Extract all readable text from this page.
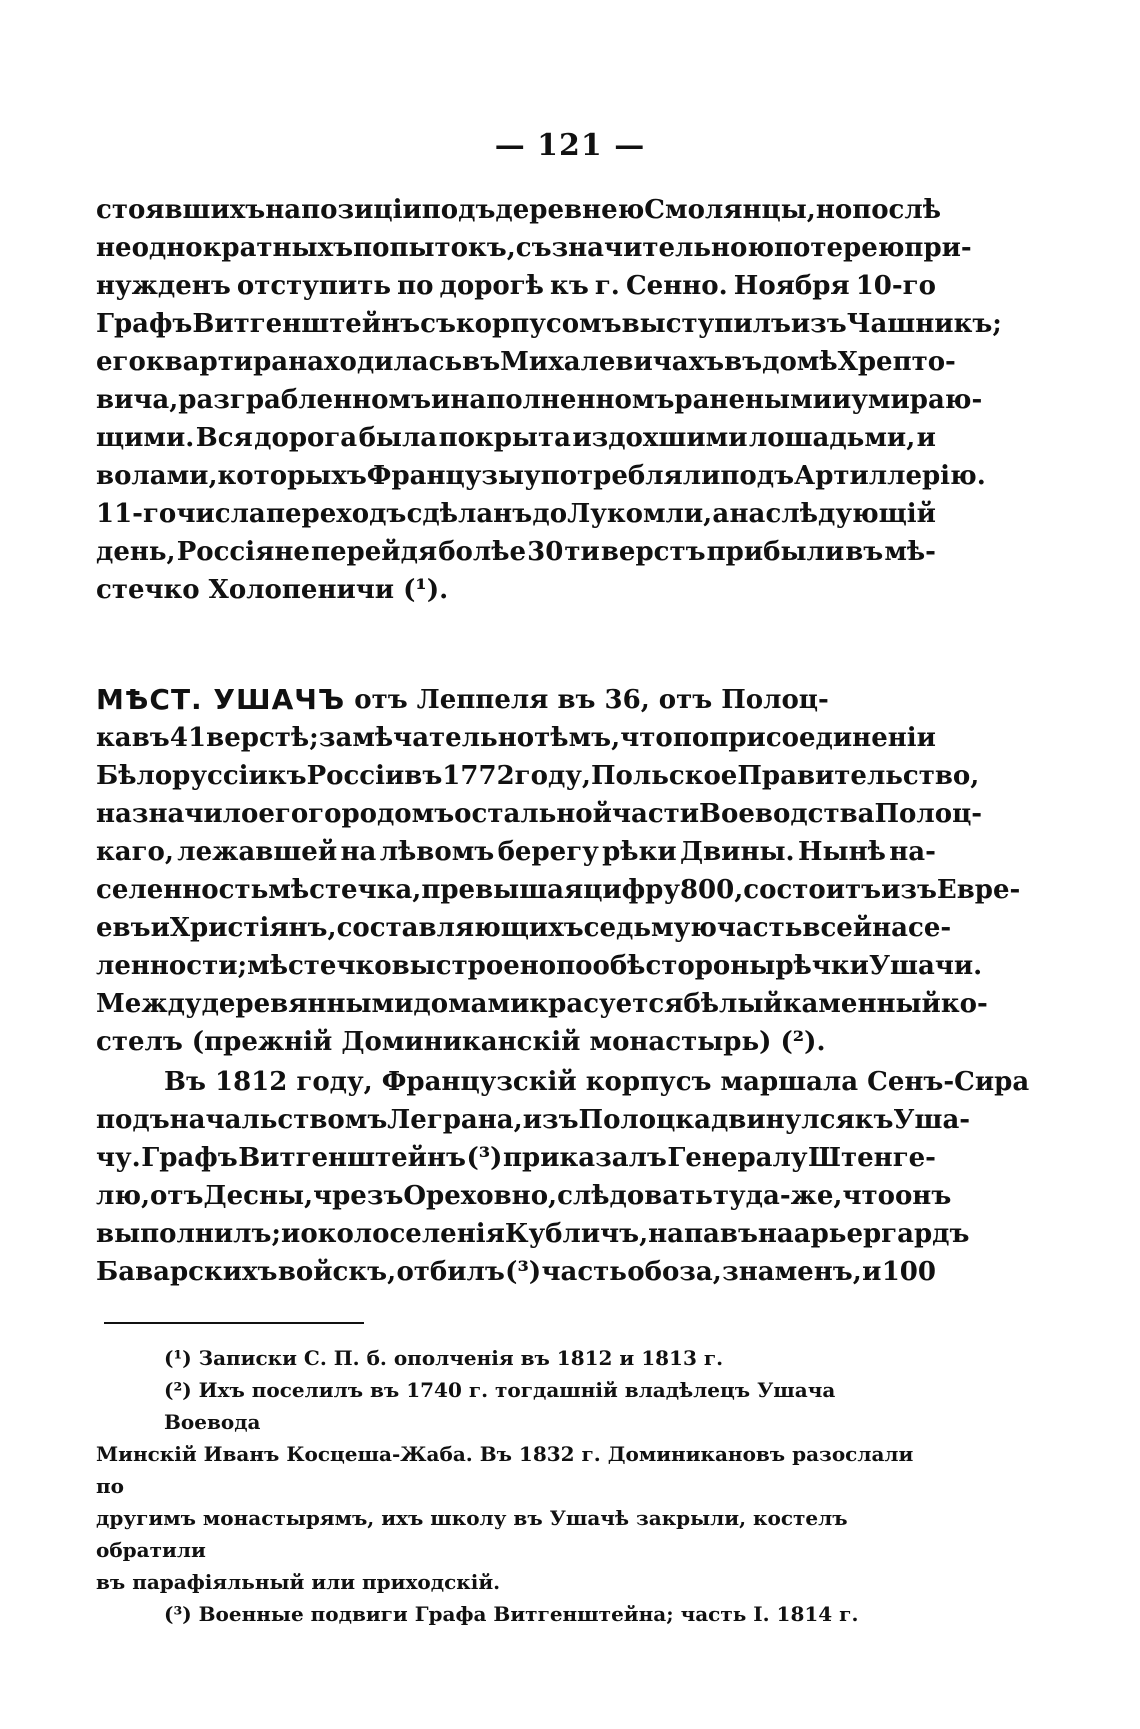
— 121 —
стоявшихъ на позиціи подъ деревнею Смолянцы, но послѣ
неоднократныхъ попытокъ, съ значительною потерею при-
нужденъ отступить по дорогѣ къ г. Сенно. Ноября 10-го
Графъ Витгенштейнъ съ корпусомъ выступилъ изъ Чашникъ;
его квартира находилась въ Михалевичахъ въ домѣ Хрепто-
вича, разграбленномъ и наполненномъ ранеными и умираю-
щими. Вся дорога была покрыта издохшими лошадьми, и
волами, которыхъ Французы употребляли подъ Артиллерію.
11-го числа переходъ сдѣланъ до Лукомли, а на слѣдующій
день, Россіяне перейдя болѣе 30 ти верстъ прибыли въ мѣ-
стечко Холопеничи (¹).
МѢСТ. УШАЧЪ отъ Леппеля въ 36, отъ Полоц-
ка въ 41 верстѣ; замѣчательно тѣмъ, что по присоединеніи
Бѣлоруссіи къ Россіи въ 1772 году, Польское Правительство,
назначило его городомъ остальной части Воеводства Полоц-
каго, лежавшей на лѣвомъ берегу рѣки Двины. Нынѣ на-
селенность мѣстечка, превышая цифру 800, состоитъ изъ Евре-
евъ и Христіянъ, составляющихъ седьмую часть всей насе-
ленности; мѣстечко выстроено по обѣ стороны рѣчки Ушачи.
Между деревянными домами красуется бѣлый каменный ко-
стелъ (прежній Доминиканскій монастырь) (²).
Въ 1812 году, Французскій корпусъ маршала Сенъ-Сира
подъ начальствомъ Леграна, изъ Полоцка двинулся къ Уша-
чу. Графъ Витгенштейнъ (³) приказалъ Генералу Штенге-
лю, отъ Десны, чрезъ Ореховно, слѣдовать туда-же, что онъ
выполнилъ; и около селенія Кубличъ, напавъ на арьергардъ
Баварскихъ войскъ, отбилъ (³) часть обоза, знаменъ, и 100
(¹) Записки С. П. б. ополченія въ 1812 и 1813 г.
(²) Ихъ поселилъ въ 1740 г. тогдашній владѣлецъ Ушача Воевода
Минскій Иванъ Косцеша-Жаба. Въ 1832 г. Доминикановъ разослали по
другимъ монастырямъ, ихъ школу въ Ушачѣ закрыли, костелъ обратили
въ парафіяльный или приходскій.
(³) Военные подвиги Графа Витгенштейна; часть I. 1814 г.
